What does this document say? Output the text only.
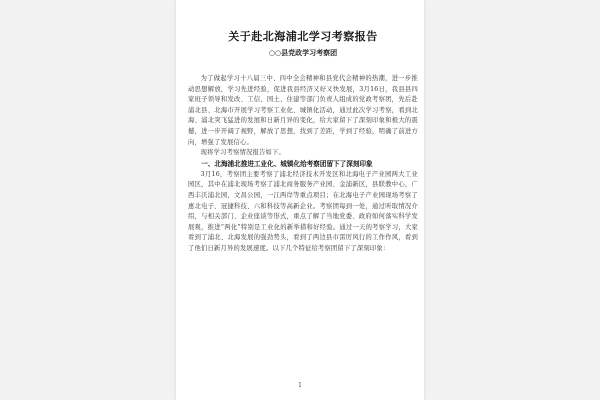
关于赴北海浦北学习考察报告
○○县党政学习考察团

为了做起学习十八届三中、四中全会精神和县党代会精神的热潮，进一步推动思想解放，学习先进经验，促进我县经济又好又快发展，3月16日，我县县四家班子领导和发改、工信、国土、住建等部门负责人组成的党政考察团，先后赴浦北县、北海市开展学习考察工业化、城镇化活动，通过此次学习考察，看到北海、浦北突飞猛进的发展和日新月异的变化，给大家留下了深刻印象和极大的震撼，进一步开阔了视野，解放了思想，找到了差距，学到了经验，明确了前进方向，增强了发展信心。

现将学习考察情况报告如下。

一、北海浦北推进工业化、城镇化给考察团留下了深刻印象

3月16，考察团主要考察了浦北经济技术开发区和北海电子产业园两大工业园区，其中在浦北现场考察了浦北商务服务产业园、金浦新区，县联教中心，广西丰沃浦北园，文昌公园，一江两岸等重点项目；在北海电子产业园现场考察了惠北电子、冠捷科技、六和科技等高新企业。考察团每到一处，通过听取情况介绍，与相关部门、企业座谈等形式，重点了解了当地党委、政府如何落实科学发展观，推进“两化”特别是工业化的新举措和好经验。通过一天的考察学习，大家看到了浦北、北海发展的强劲势头，看到了两边县市雷厉风行的工作作风，看到了他们日新月异的发展速度。以下几个特征给考察团留下了深刻印象：

1
